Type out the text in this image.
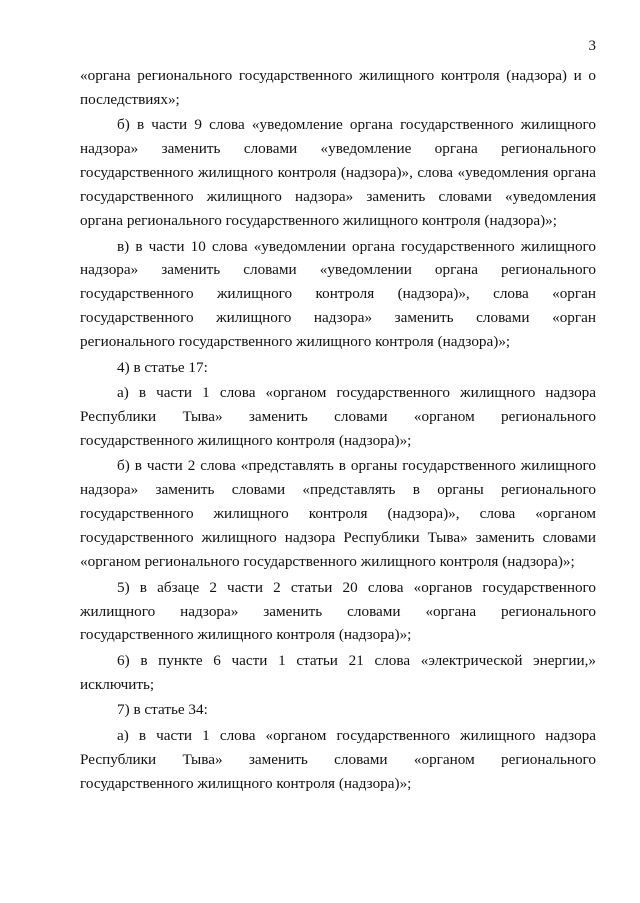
3

«органа регионального государственного жилищного контроля (надзора) и о последствиях»;

б) в части 9 слова «уведомление органа государственного жилищного надзора» заменить словами «уведомление органа регионального государственного жилищного контроля (надзора)», слова «уведомления органа государственного жилищного надзора» заменить словами «уведомления органа регионального государственного жилищного контроля (надзора)»;

в) в части 10 слова «уведомлении органа государственного жилищного надзора» заменить словами «уведомлении органа регионального государственного жилищного контроля (надзора)», слова «орган государственного жилищного надзора» заменить словами «орган регионального государственного жилищного контроля (надзора)»;

4) в статье 17:

а) в части 1 слова «органом государственного жилищного надзора Республики Тыва» заменить словами «органом регионального государственного жилищного контроля (надзора)»;

б) в части 2 слова «представлять в органы государственного жилищного надзора» заменить словами «представлять в органы регионального государственного жилищного контроля (надзора)», слова «органом государственного жилищного надзора Республики Тыва» заменить словами «органом регионального государственного жилищного контроля (надзора)»;

5) в абзаце 2 части 2 статьи 20 слова «органов государственного жилищного надзора» заменить словами «органа регионального государственного жилищного контроля (надзора)»;

6) в пункте 6 части 1 статьи 21 слова «электрической энергии,» исключить;

7) в статье 34:

а) в части 1 слова «органом государственного жилищного надзора Республики Тыва» заменить словами «органом регионального государственного жилищного контроля (надзора)»;
